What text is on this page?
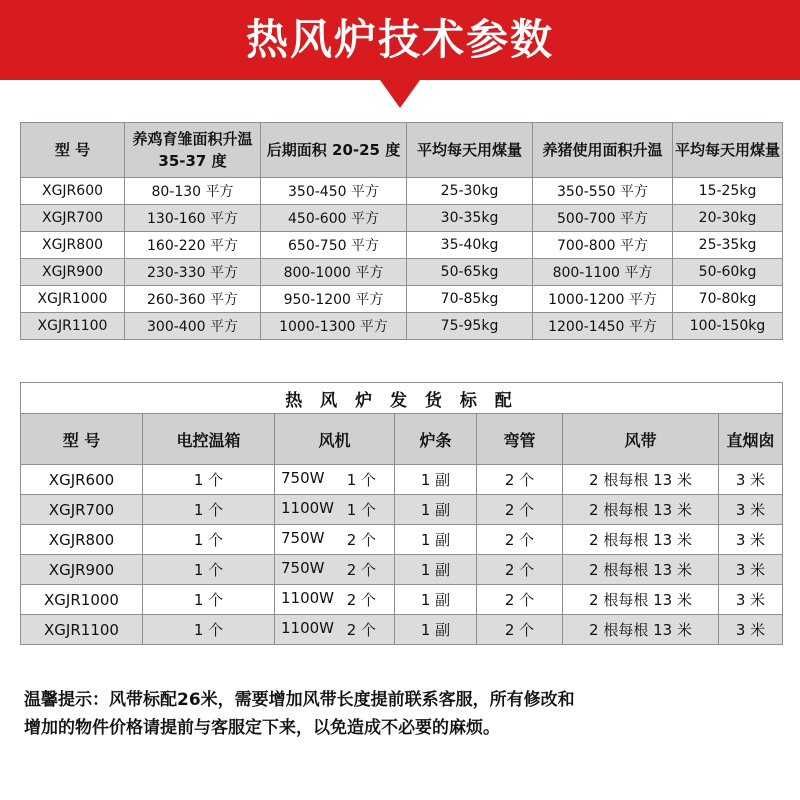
热风炉技术参数
型 号	养鸡育雏面积升温 35-37 度	后期面积 20-25 度	平均每天用煤量	养猪使用面积升温	平均每天用煤量
XGJR600	80-130 平方	350-450 平方	25-30kg	350-550 平方	15-25kg
XGJR700	130-160 平方	450-600 平方	30-35kg	500-700 平方	20-30kg
XGJR800	160-220 平方	650-750 平方	35-40kg	700-800 平方	25-35kg
XGJR900	230-330 平方	800-1000 平方	50-65kg	800-1100 平方	50-60kg
XGJR1000	260-360 平方	950-1200 平方	70-85kg	1000-1200 平方	70-80kg
XGJR1100	300-400 平方	1000-1300 平方	75-95kg	1200-1450 平方	100-150kg
热 风 炉 发 货 标 配						
型 号	电控温箱	风机	炉条	弯管	风带	直烟囱
XGJR600	1 个	750W 1 个	1 副	2 个	2 根每根 13 米	3 米
XGJR700	1 个	1100W 1 个	1 副	2 个	2 根每根 13 米	3 米
XGJR800	1 个	750W 2 个	1 副	2 个	2 根每根 13 米	3 米
XGJR900	1 个	750W 2 个	1 副	2 个	2 根每根 13 米	3 米
XGJR1000	1 个	1100W 2 个	1 副	2 个	2 根每根 13 米	3 米
XGJR1100	1 个	1100W 2 个	1 副	2 个	2 根每根 13 米	3 米
温馨提示：风带标配26米，需要增加风带长度提前联系客服，所有修改和
增加的物件价格请提前与客服定下来，以免造成不必要的麻烦。
